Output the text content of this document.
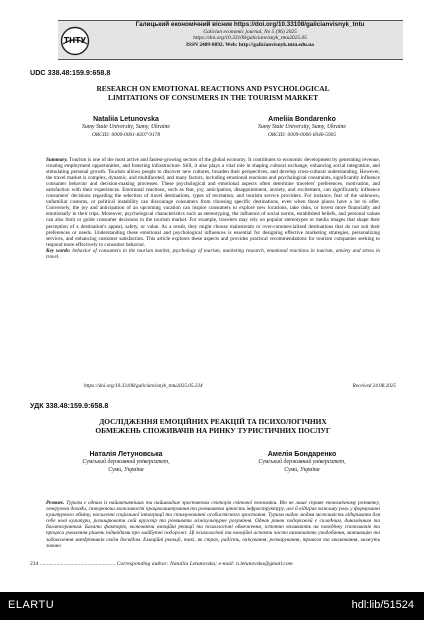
ТНТУ
Галицький економічний вісник https://doi.org/10.33108/galicianvisnyk_tntu
Galician economic journal, No 5 (96) 2025
https://doi.org/10.33108/galicianvisnyk_tntu2025.05
ISSN 2409-8892. Web: http://galicianvisnyk.tntu.edu.ua
UDC 338.48:159.9:658.8
RESEARCH ON EMOTIONAL REACTIONS AND PSYCHOLOGICAL
LIMITATIONS OF CONSUMERS IN THE TOURISM MARKET
Nataliia Letunovska
Sumy State University, Sumy, Ukraine
ORCID: 0000-0001-8207-9178
Ameliia Bondarenko
Sumy State University, Sumy, Ukraine
ORCID: 0009-0006-6940-5905
Summary. Tourism is one of the most active and fastest-growing sectors of the global economy. It contributes to economic development by generating revenue, creating employment opportunities, and fostering infrastructure. Still, it also plays a vital role in shaping cultural exchange, enhancing social integration, and stimulating personal growth. Tourism allows people to discover new cultures, broaden their perspectives, and develop cross-cultural understanding. However, the travel market is complex, dynamic, and multifaceted, and many factors, including emotional reactions and psychological constraints, significantly influence consumer behavior and decision-making processes. These psychological and emotional aspects often determine travelers' preferences, motivation, and satisfaction with their experiences. Emotional reactions, such as fear, joy, anticipation, disappointment, anxiety, and excitement, can significantly influence consumers' decisions regarding the selection of travel destinations, types of recreation, and tourism service providers. For instance, fear of the unknown, unfamiliar customs, or political instability can discourage consumers from choosing specific destinations, even when those places have a lot to offer. Conversely, the joy and anticipation of an upcoming vacation can inspire consumers to explore new locations, take risks, or invest more financially and emotionally in their trips. Moreover, psychological characteristics such as stereotyping, the influence of social norms, established beliefs, and personal values can also limit or guide consumer decisions in the tourism market. For example, travelers may rely on popular stereotypes or media images that shape their perception of a destination's appeal, safety, or value. As a result, they might choose mainstream or over-commercialized destinations that do not suit their preferences or needs. Understanding these emotional and psychological influences is essential for designing effective marketing strategies, personalizing services, and enhancing customer satisfaction. This article explores these aspects and provides practical recommendations for tourism companies seeking to respond more effectively to consumer behavior.
Key words: behavior of consumers in the tourism market, psychology of tourism, marketing research, emotional reactions in tourism, anxiety and stress in travel.
https://doi.org/10.33108/galicianvisnyk_tntu2025.05.234	Received 24.08.2025
УДК 338.48:159.9:658.8
ДОСЛІДЖЕННЯ ЕМОЦІЙНИХ РЕАКЦІЙ ТА ПСИХОЛОГІЧНИХ
ОБМЕЖЕНЬ СПОЖИВАЧІВ НА РИНКУ ТУРИСТИЧНИХ ПОСЛУГ
Наталія Летуновська
Сумський державний університет,
Суми, Україна
Амелія Бондаренко
Сумський державний університет,
Суми, Україна
Резюме. Туризм є одним із найактивніших та найшвидше зростаючих секторів світової економіки. Він не лише сприяє економічному розвитку, генеруючи доходи, створюючи можливості працевлаштування та розвиваючи цінність інфраструктуру, але й відіграє важливу роль у формуванні культурного обміну, посиленні соціальної інтеграції та стимулюванні особистісного зростання. Туризм надає людям можливість відкривати для себе нові культури, розширювати свій кругозір та розвивати міжкультурне розуміння. Однак ринок подорожей є складним, динамічним та багатогранним. Багато факторів, включаючи емоційні реакції та психологічні обмеження, істотно впливають на поведінку споживачів та процеси ухвалення рішень індивідами про майбутні подорожі. Ці психологічні та емоційні аспекти часто визначають уподобання, мотивацію та задоволення мандрівників своїм досвідом. Емоційні реакції, такі, як страх, радість, очікування, розчарування, тривога та хвилювання, можуть значно
234 ...................................................... Corresponding author: Nataliia Letunovska; e-mail: n.letunovska@gmail.com
ELARTU	hdl:lib/51524
